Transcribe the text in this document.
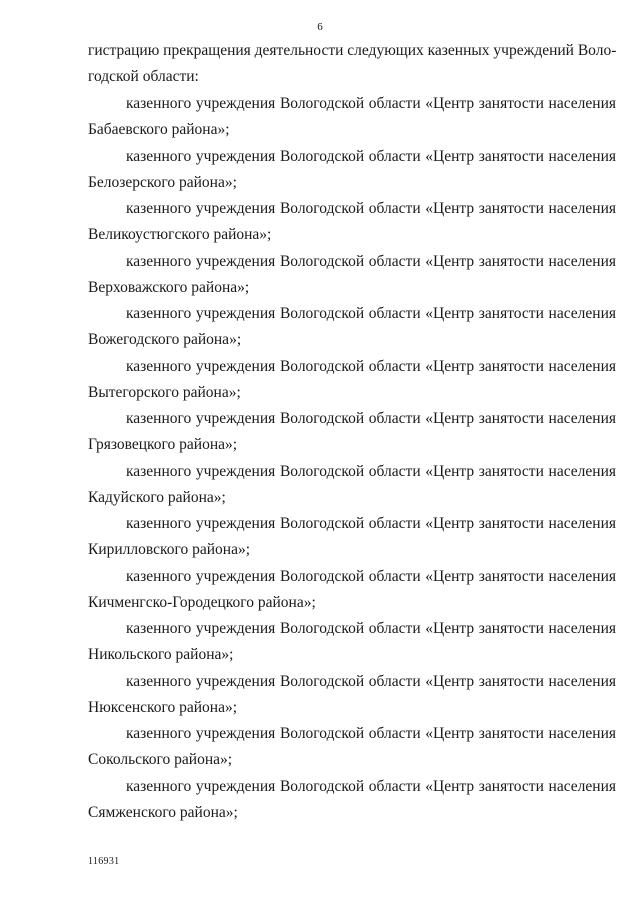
6
гистрацию прекращения деятельности следующих казенных учреждений Воло-
годской области:
казенного учреждения Вологодской области «Центр занятости населения
Бабаевского района»;
казенного учреждения Вологодской области «Центр занятости населения
Белозерского района»;
казенного учреждения Вологодской области «Центр занятости населения
Великоустюгского района»;
казенного учреждения Вологодской области «Центр занятости населения
Верховажского района»;
казенного учреждения Вологодской области «Центр занятости населения
Вожегодского района»;
казенного учреждения Вологодской области «Центр занятости населения
Вытегорского района»;
казенного учреждения Вологодской области «Центр занятости населения
Грязовецкого района»;
казенного учреждения Вологодской области «Центр занятости населения
Кадуйского района»;
казенного учреждения Вологодской области «Центр занятости населения
Кирилловского района»;
казенного учреждения Вологодской области «Центр занятости населения
Кичменгско-Городецкого района»;
казенного учреждения Вологодской области «Центр занятости населения
Никольского района»;
казенного учреждения Вологодской области «Центр занятости населения
Нюксенского района»;
казенного учреждения Вологодской области «Центр занятости населения
Сокольского района»;
казенного учреждения Вологодской области «Центр занятости населения
Сямженского района»;
116931
